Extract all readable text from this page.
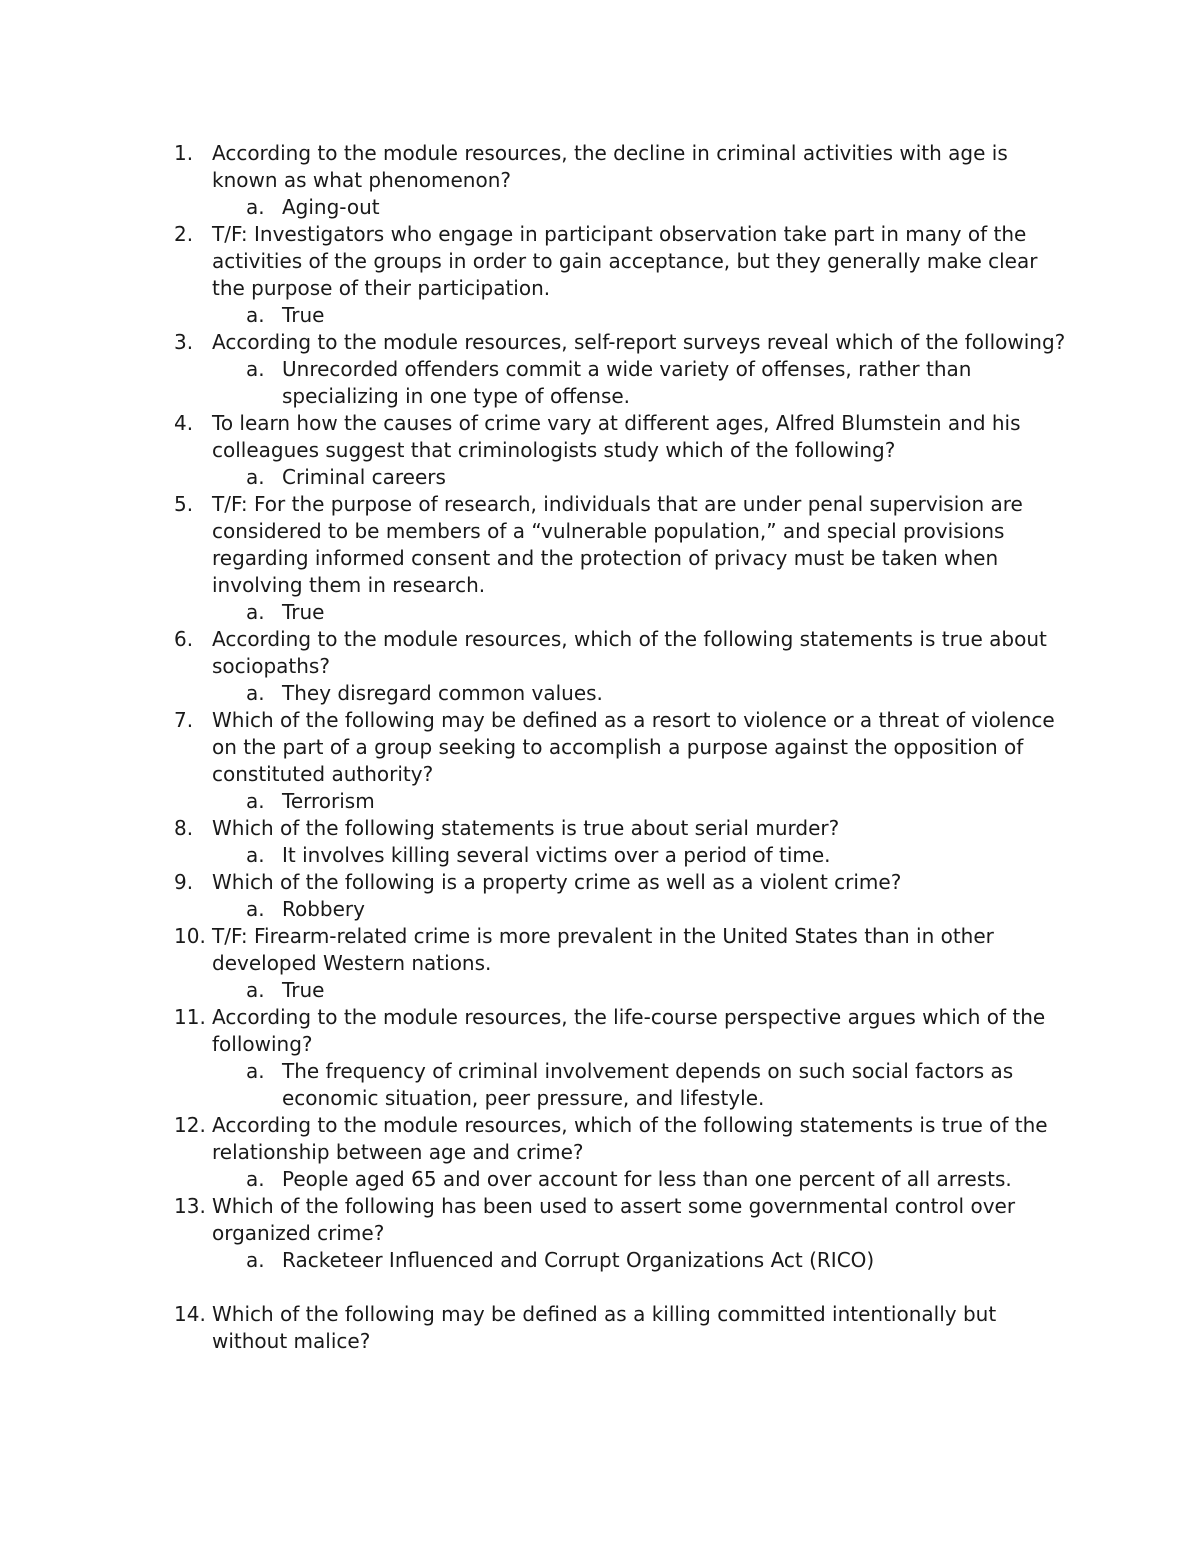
1. According to the module resources, the decline in criminal activities with age is known as what phenomenon?
a. Aging-out
2. T/F: Investigators who engage in participant observation take part in many of the activities of the groups in order to gain acceptance, but they generally make clear the purpose of their participation.
a. True
3. According to the module resources, self-report surveys reveal which of the following?
a. Unrecorded offenders commit a wide variety of offenses, rather than specializing in one type of offense.
4. To learn how the causes of crime vary at different ages, Alfred Blumstein and his colleagues suggest that criminologists study which of the following?
a. Criminal careers
5. T/F: For the purpose of research, individuals that are under penal supervision are considered to be members of a “vulnerable population,” and special provisions regarding informed consent and the protection of privacy must be taken when involving them in research.
a. True
6. According to the module resources, which of the following statements is true about sociopaths?
a. They disregard common values.
7. Which of the following may be defined as a resort to violence or a threat of violence on the part of a group seeking to accomplish a purpose against the opposition of constituted authority?
a. Terrorism
8. Which of the following statements is true about serial murder?
a. It involves killing several victims over a period of time.
9. Which of the following is a property crime as well as a violent crime?
a. Robbery
10. T/F: Firearm-related crime is more prevalent in the United States than in other developed Western nations.
a. True
11. According to the module resources, the life-course perspective argues which of the following?
a. The frequency of criminal involvement depends on such social factors as economic situation, peer pressure, and lifestyle.
12. According to the module resources, which of the following statements is true of the relationship between age and crime?
a. People aged 65 and over account for less than one percent of all arrests.
13. Which of the following has been used to assert some governmental control over organized crime?
a. Racketeer Influenced and Corrupt Organizations Act (RICO)
14. Which of the following may be defined as a killing committed intentionally but without malice?
